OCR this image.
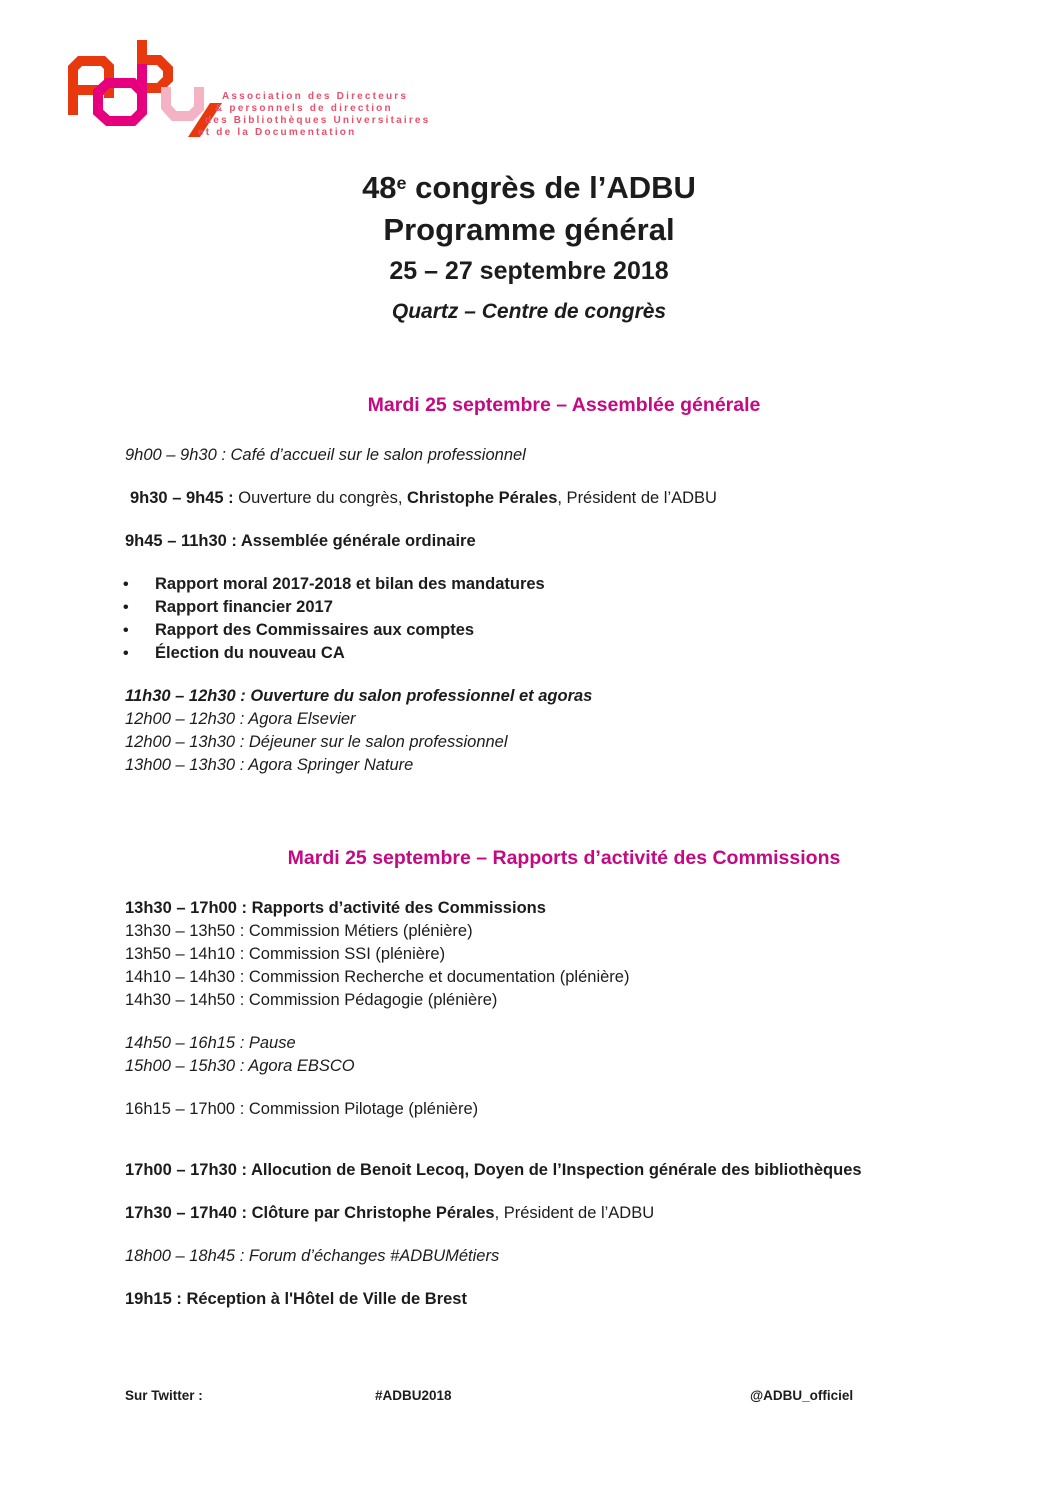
Association des Directeurs
& personnels de direction
des Bibliothèques Universitaires
et de la Documentation
48e congrès de l’ADBU
Programme général
25 – 27 septembre 2018
Quartz – Centre de congrès
Mardi 25 septembre – Assemblée générale

9h00 – 9h30 : Café d’accueil sur le salon professionnel

9h30 – 9h45 : Ouverture du congrès, Christophe Pérales, Président de l’ADBU

9h45 – 11h30 : Assemblée générale ordinaire

• Rapport moral 2017-2018 et bilan des mandatures
• Rapport financier 2017
• Rapport des Commissaires aux comptes
• Élection du nouveau CA

11h30 – 12h30 : Ouverture du salon professionnel et agoras

12h00 – 12h30 : Agora Elsevier

12h00 – 13h30 : Déjeuner sur le salon professionnel

13h00 – 13h30 : Agora Springer Nature

Mardi 25 septembre – Rapports d’activité des Commissions

13h30 – 17h00 : Rapports d’activité des Commissions

13h30 – 13h50 : Commission Métiers (plénière)

13h50 – 14h10 : Commission SSI (plénière)

14h10 – 14h30 : Commission Recherche et documentation (plénière)

14h30 – 14h50 : Commission Pédagogie (plénière)

14h50 – 16h15 : Pause

15h00 – 15h30 : Agora EBSCO

16h15 – 17h00 : Commission Pilotage (plénière)

17h00 – 17h30 : Allocution de Benoit Lecoq, Doyen de l’Inspection générale des bibliothèques

17h30 – 17h40 : Clôture par Christophe Pérales, Président de l’ADBU

18h00 – 18h45 : Forum d’échanges #ADBUMétiers

19h15 : Réception à l'Hôtel de Ville de Brest

Sur Twitter :	#ADBU2018	@ADBU_officiel
